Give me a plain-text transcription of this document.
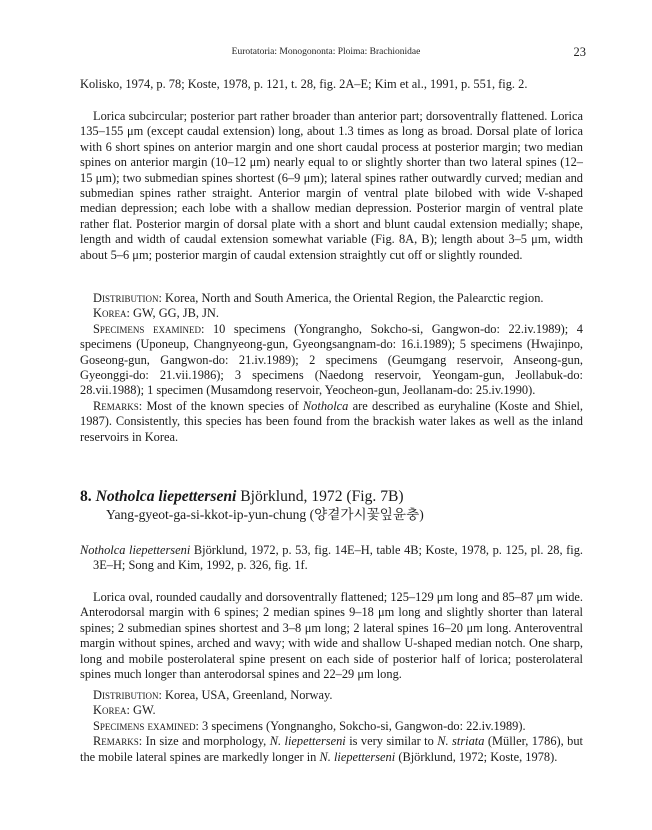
Eurotatoria: Monogononta: Ploima: Brachionidae	23

Kolisko, 1974, p. 78; Koste, 1978, p. 121, t. 28, fig. 2A–E; Kim et al., 1991, p. 551, fig. 2.

Lorica subcircular; posterior part rather broader than anterior part; dorsoventrally flattened. Lorica 135–155 μm (except caudal extension) long, about 1.3 times as long as broad. Dorsal plate of lorica with 6 short spines on anterior margin and one short caudal process at posterior margin; two median spines on anterior margin (10–12 μm) nearly equal to or slightly shorter than two lateral spines (12–15 μm); two submedian spines shortest (6–9 μm); lateral spines rather outwardly curved; median and submedian spines rather straight. Anterior margin of ventral plate bilobed with wide V-shaped median depression; each lobe with a shallow median depression. Posterior margin of ventral plate rather flat. Posterior margin of dorsal plate with a short and blunt caudal extension medially; shape, length and width of caudal extension somewhat variable (Fig. 8A, B); length about 3–5 μm, width about 5–6 μm; posterior margin of caudal extension straightly cut off or slightly rounded.

Distribution: Korea, North and South America, the Oriental Region, the Palearctic region.

Korea: GW, GG, JB, JN.

Specimens examined: 10 specimens (Yongrangho, Sokcho-si, Gangwon-do: 22.iv.1989); 4 specimens (Uponeup, Changnyeong-gun, Gyeongsangnam-do: 16.i.1989); 5 specimens (Hwajinpo, Goseong-gun, Gangwon-do: 21.iv.1989); 2 specimens (Geumgang reservoir, Anseong-gun, Gyeonggi-do: 21.vii.1986); 3 specimens (Naedong reservoir, Yeongam-gun, Jeollabuk-do: 28.vii.1988); 1 specimen (Musamdong reservoir, Yeocheon-gun, Jeollanam-do: 25.iv.1990).

Remarks: Most of the known species of Notholca are described as euryhaline (Koste and Shiel, 1987). Consistently, this species has been found from the brackish water lakes as well as the inland reservoirs in Korea.

8. Notholca liepetterseni Björklund, 1972 (Fig. 7B)
Yang-gyeot-ga-si-kkot-ip-yun-chung (양곁가시꽃잎윤충)

Notholca liepetterseni Björklund, 1972, p. 53, fig. 14E–H, table 4B; Koste, 1978, p. 125, pl. 28, fig. 3E–H; Song and Kim, 1992, p. 326, fig. 1f.

Lorica oval, rounded caudally and dorsoventrally flattened; 125–129 μm long and 85–87 μm wide. Anterodorsal margin with 6 spines; 2 median spines 9–18 μm long and slightly shorter than lateral spines; 2 submedian spines shortest and 3–8 μm long; 2 lateral spines 16–20 μm long. Anteroventral margin without spines, arched and wavy; with wide and shallow U-shaped median notch. One sharp, long and mobile posterolateral spine present on each side of posterior half of lorica; posterolateral spines much longer than anterodorsal spines and 22–29 μm long.

Distribution: Korea, USA, Greenland, Norway.

Korea: GW.

Specimens examined: 3 specimens (Yongnangho, Sokcho-si, Gangwon-do: 22.iv.1989).

Remarks: In size and morphology, N. liepetterseni is very similar to N. striata (Müller, 1786), but the mobile lateral spines are markedly longer in N. liepetterseni (Björklund, 1972; Koste, 1978).
